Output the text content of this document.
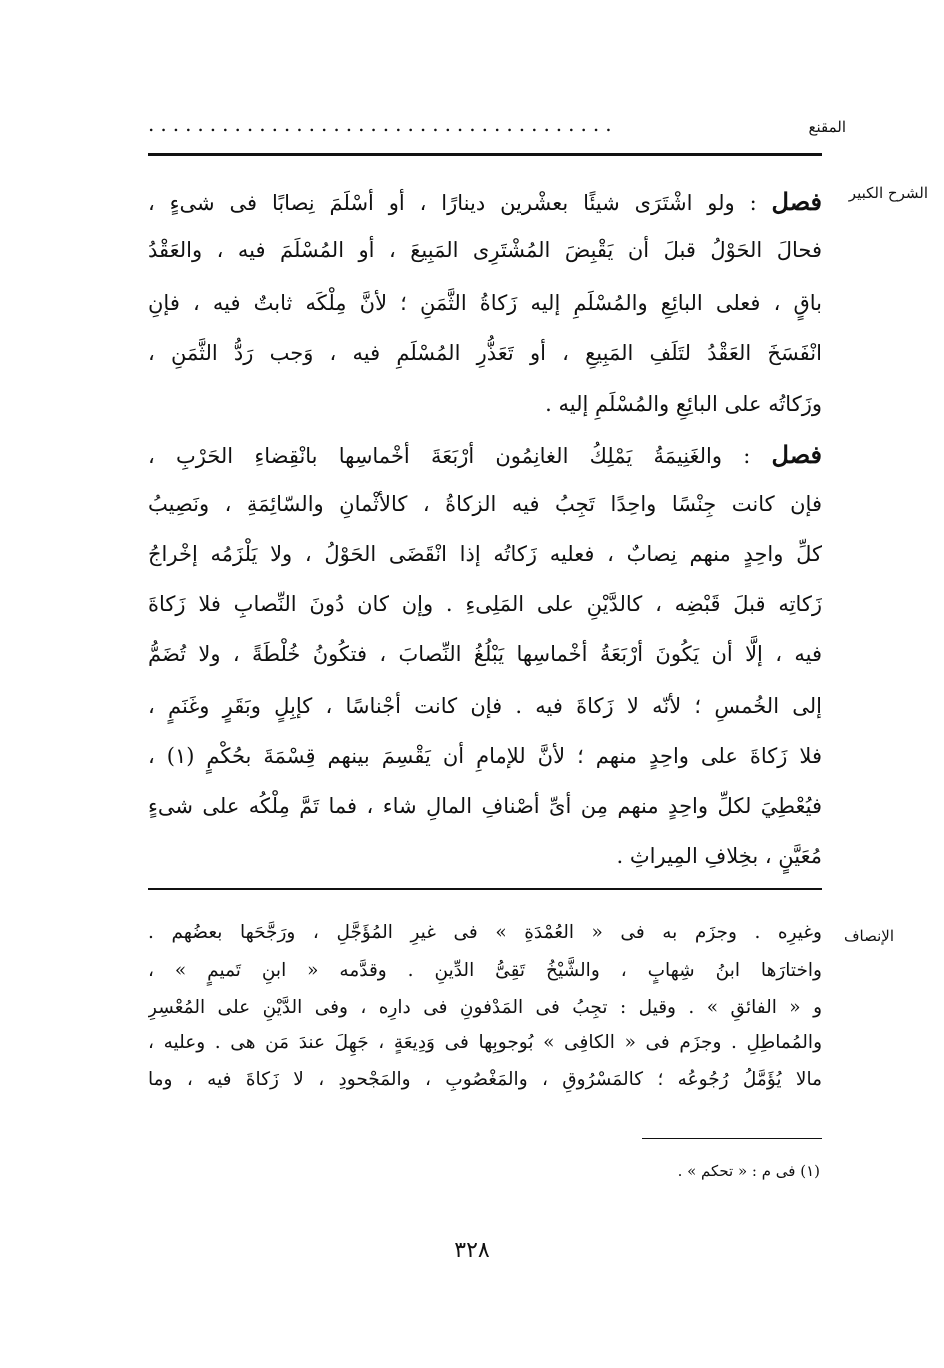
المقنع
......................................
الشرح الكبير
الإنصاف
فصل : ولو اشْتَرَى شيئًا بعشْرين دينارًا ، أو أسْلَمَ نِصابًا فى شىءٍ ،
فحالَ الحَوْلُ قبلَ أن يَقْبِضَ المُشْتَرِى المَبِيعَ ، أو المُسْلَمَ فيه ، والعَقْدُ
باقٍ ، فعلى البائِعِ والمُسْلَمِ إليه زَكاةُ الثَّمَنِ ؛ لأنَّ مِلْكَه ثابتٌ فيه ، فإنِ
انْفَسَخَ العَقْدُ لتَلَفِ المَبِيعِ ، أو تَعَذُّرِ المُسْلَمِ فيه ، وَجب رَدُّ الثَّمَنِ ،
وزَكاتُه على البائِعِ والمُسْلَمِ إليه .
فصل : والغَنِيمَةُ يَمْلِكُ الغانِمُون أرْبَعَةَ أخْماسِها بانْقِضاءِ الحَرْبِ ،
فإن كانت جِنْسًا واحِدًا تَجِبُ فيه الزكاةُ ، كالأثْمانِ والسّائِمَةِ ، ونَصِيبُ
كلِّ واحِدٍ منهم نِصابٌ ، فعليه زَكاتُه إذا انْقَضَى الحَوْلُ ، ولا يَلْزَمُه إخْراجُ
زَكاتِه قبلَ قَبْضِه ، كالدَّيْنِ على المَلِىءِ . وإن كان دُونَ النِّصابِ فلا زَكاةَ
فيه ، إلَّا أن يَكُونَ أرْبَعَةُ أخْماسِها يَبْلُغُ النِّصابَ ، فتكُونُ خُلْطَةً ، ولا تُضَمُّ
إلى الخُمسِ ؛ لأنّه لا زَكاةَ فيه . فإن كانت أجْناسًا ، كإبِلٍ وبَقَرٍ وغَنَمٍ ،
فلا زَكاةَ على واحِدٍ منهم ؛ لأنَّ للإمامِ أن يَقْسِمَ بينهم قِسْمَةَ بحُكْمٍ (١) ،
فيُعْطِيَ لكلِّ واحِدٍ منهم مِن أىِّ أصْنافِ المالِ شاء ، فما تَمَّ مِلْكُه على شىءٍ
مُعَيَّنٍ ، بخِلافِ المِيراثِ .
وغيرِه . وجزَم به فى « العُمْدَةِ » فى غيرِ المُؤَجَّلِ ، ورَجَّحَها بعضُهم .
واختارَها ابنُ شِهابٍ ، والشَّيْخُ تَقِىُّ الدِّينِ . وقدَّمه « ابنِ تَميمٍ » ،
و « الفائقِ » . وقيل : تجِبُ فى المَدْفونِ فى دارِه ، وفى الدَّيْنِ على المُعْسِرِ
والمُماطِلِ . وجزَم فى « الكافِى » بُوجوبِها فى وَدِيعَةٍ ، جَهِلَ عندَ مَن هى . وعليه ،
مالا يُؤَمَّلُ رُجُوعُه ؛ كالمَسْرُوقِ ، والمَغْصُوبِ ، والمَجْحودِ ، لا زَكاةَ فيه ، وما
(١) فى م : « تحكم » .
٣٢٨
